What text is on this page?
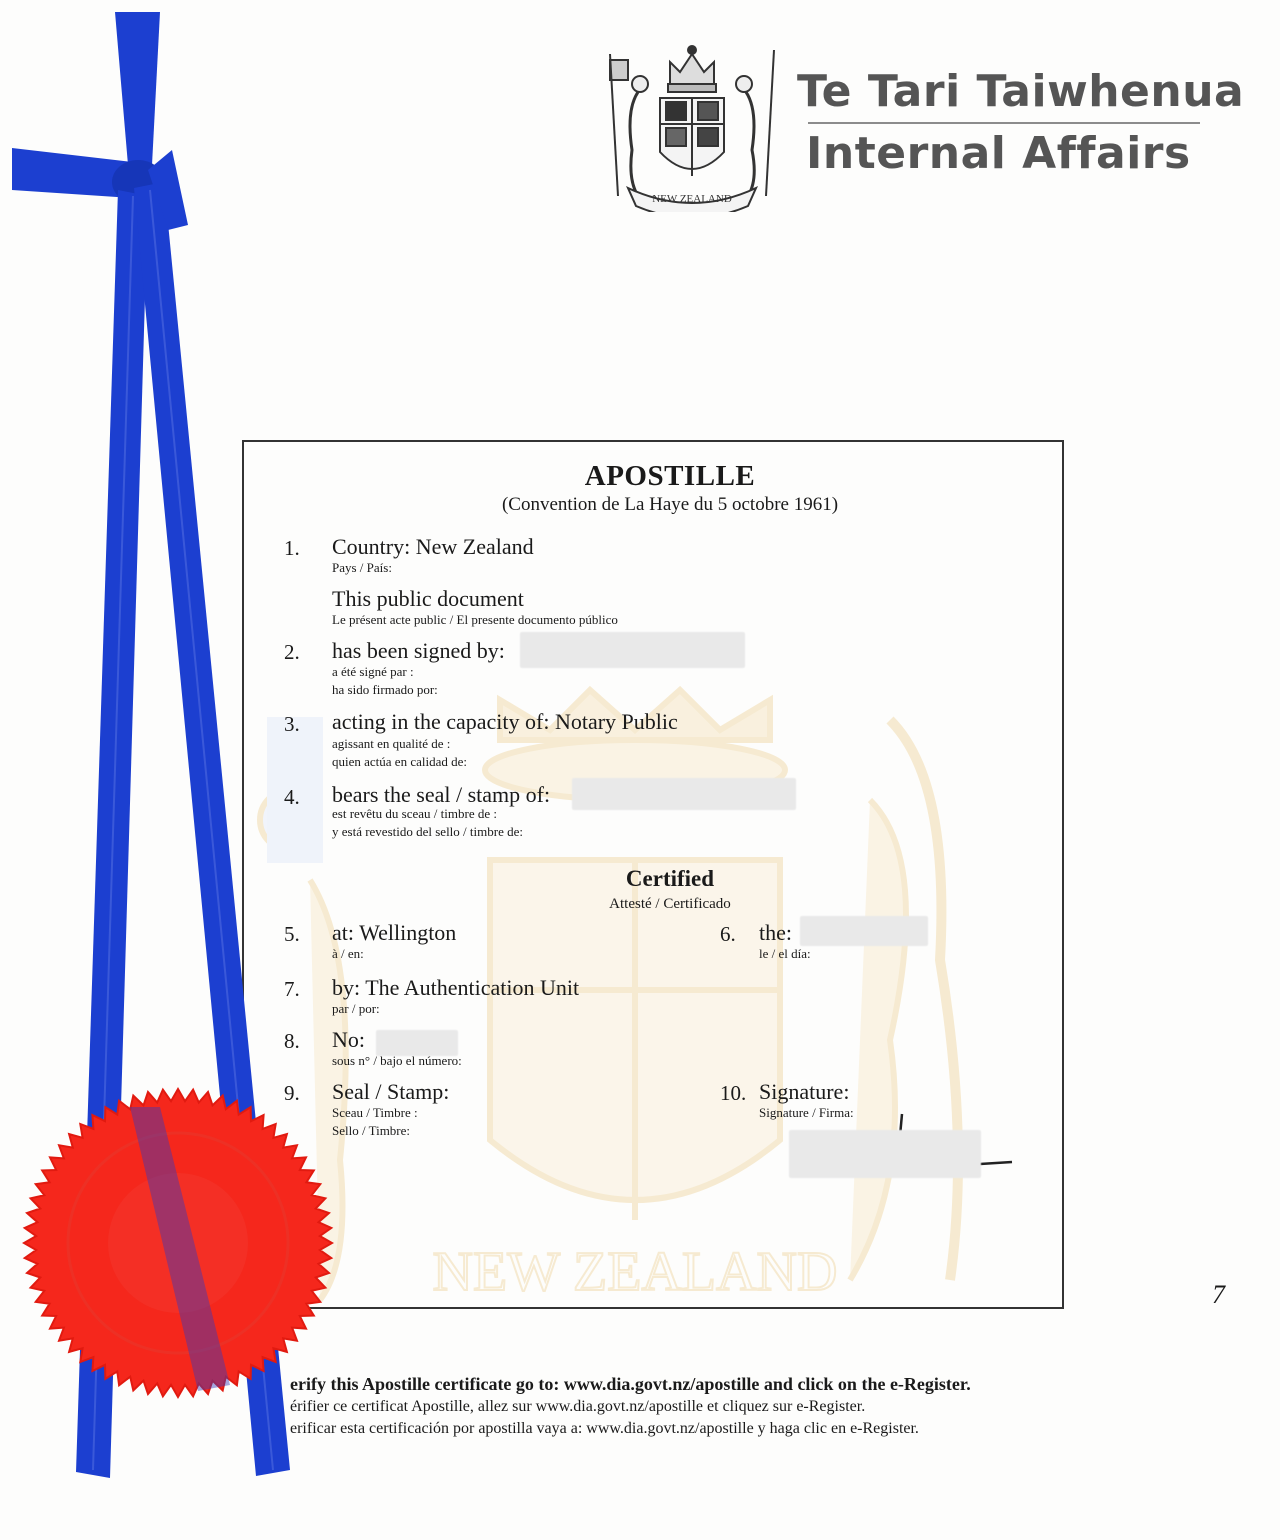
NEW ZEALAND
NEW ZEALAND
Te Tari Taiwhenua
Internal Affairs
APOSTILLE
(Convention de La Haye du 5 octobre 1961)
1. Country: New Zealand
Pays / País:
This public document
Le présent acte public / El presente documento público
2. has been signed by:
a été signé par :
ha sido firmado por:
3. acting in the capacity of: Notary Public
agissant en qualité de :
quien actúa en calidad de:
4. bears the seal / stamp of:
est revêtu du sceau / timbre de :
y está revestido del sello / timbre de:
Certified
Attesté / Certificado
5. at: Wellington
à / en:
6. the:
le / el día:
7. by: The Authentication Unit
par / por:
8. No:
sous n° / bajo el número:
9. Seal / Stamp:
Sceau / Timbre :
Sello / Timbre:
10. Signature:
Signature / Firma:
erify this Apostille certificate go to: www.dia.govt.nz/apostille and click on the e-Register.
érifier ce certificat Apostille, allez sur www.dia.govt.nz/apostille et cliquez sur e-Register.
erificar esta certificación por apostilla vaya a: www.dia.govt.nz/apostille y haga clic en e-Register.
7
